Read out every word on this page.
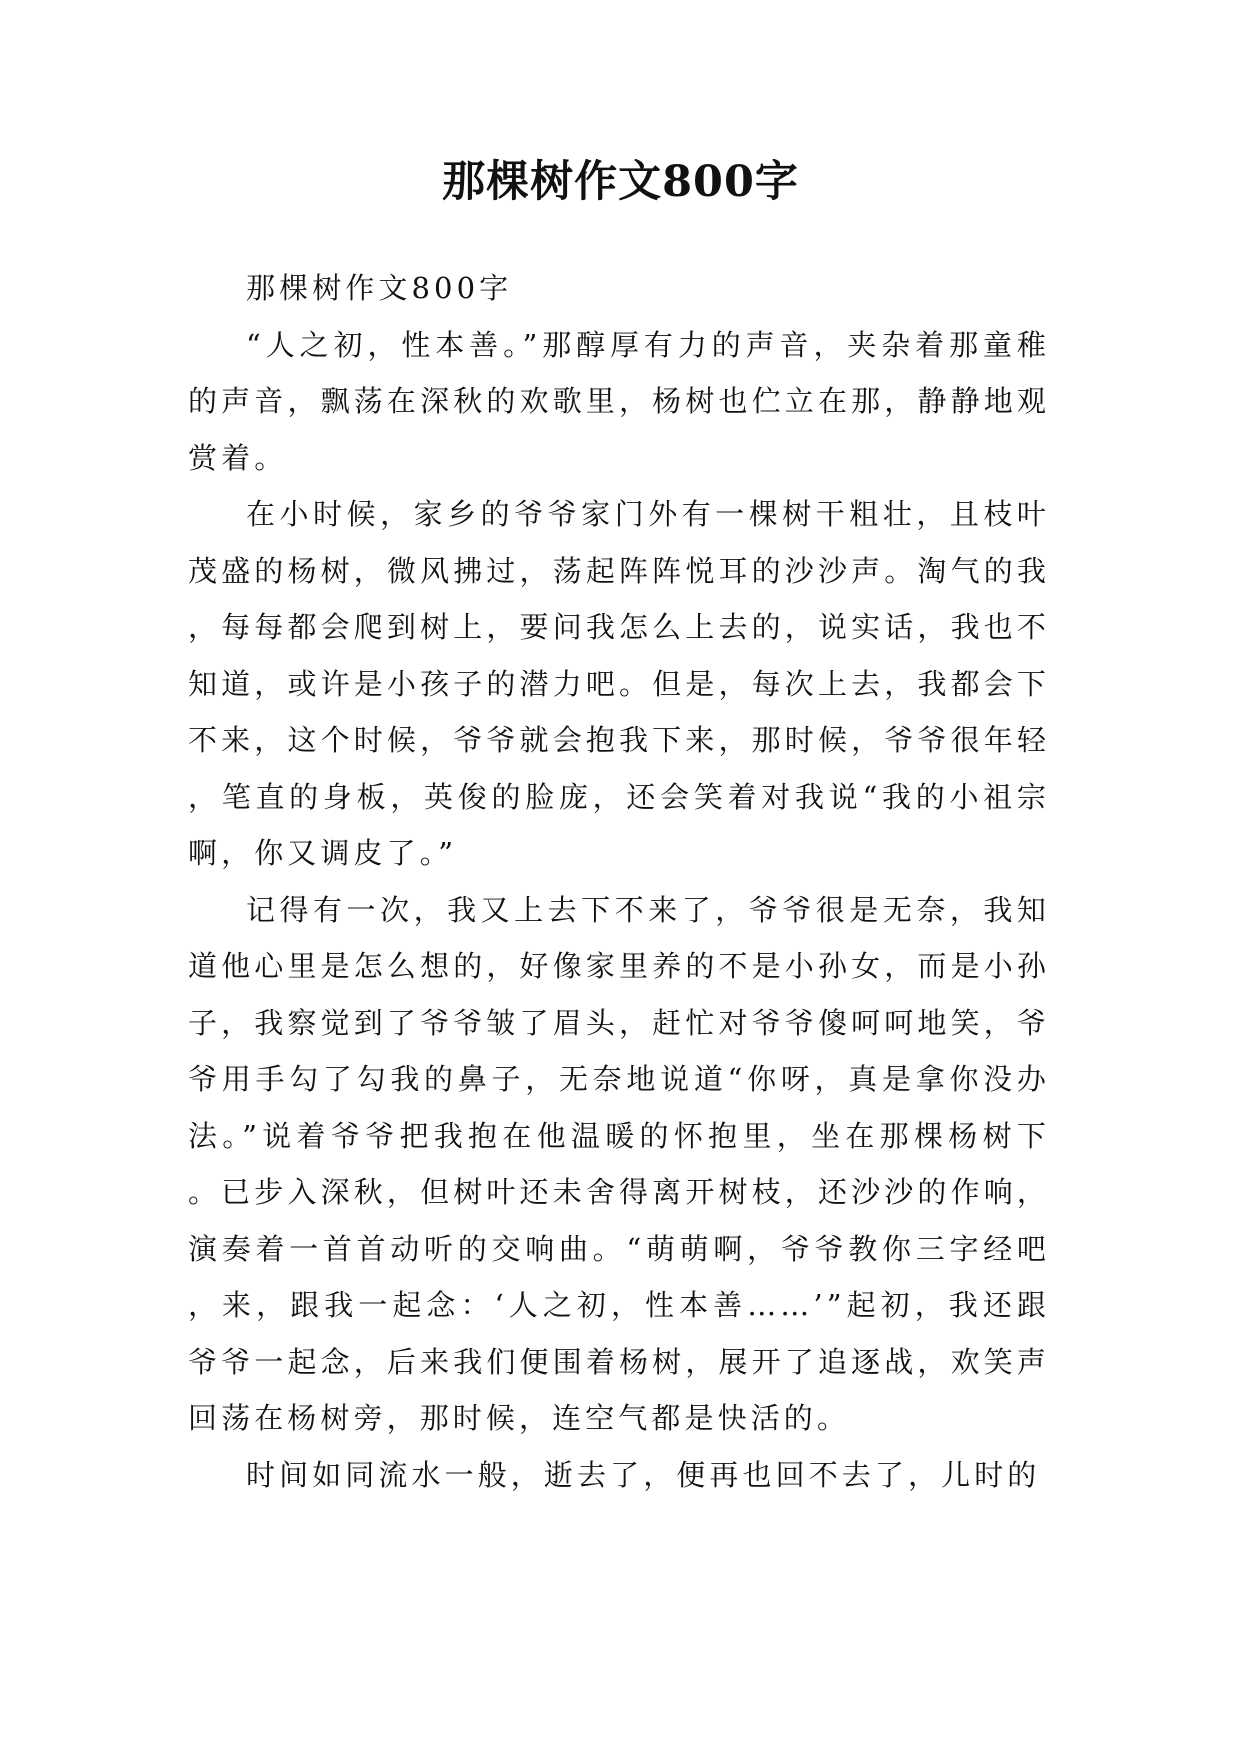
那棵树作文800字

那棵树作文800字

“人之初，性本善。”那醇厚有力的声音，夹杂着那童稚的声音，飘荡在深秋的欢歌里，杨树也伫立在那，静静地观赏着。

在小时候，家乡的爷爷家门外有一棵树干粗壮，且枝叶茂盛的杨树，微风拂过，荡起阵阵悦耳的沙沙声。淘气的我，每每都会爬到树上，要问我怎么上去的，说实话，我也不知道，或许是小孩子的潜力吧。但是，每次上去，我都会下不来，这个时候，爷爷就会抱我下来，那时候，爷爷很年轻，笔直的身板，英俊的脸庞，还会笑着对我说“我的小祖宗啊，你又调皮了。”

记得有一次，我又上去下不来了，爷爷很是无奈，我知道他心里是怎么想的，好像家里养的不是小孙女，而是小孙子，我察觉到了爷爷皱了眉头，赶忙对爷爷傻呵呵地笑，爷爷用手勾了勾我的鼻子，无奈地说道“你呀，真是拿你没办法。”说着爷爷把我抱在他温暖的怀抱里，坐在那棵杨树下。已步入深秋，但树叶还未舍得离开树枝，还沙沙的作响，演奏着一首首动听的交响曲。“萌萌啊，爷爷教你三字经吧，来，跟我一起念：‘人之初，性本善……’”起初，我还跟爷爷一起念，后来我们便围着杨树，展开了追逐战，欢笑声回荡在杨树旁，那时候，连空气都是快活的。

时间如同流水一般，逝去了，便再也回不去了，儿时的
